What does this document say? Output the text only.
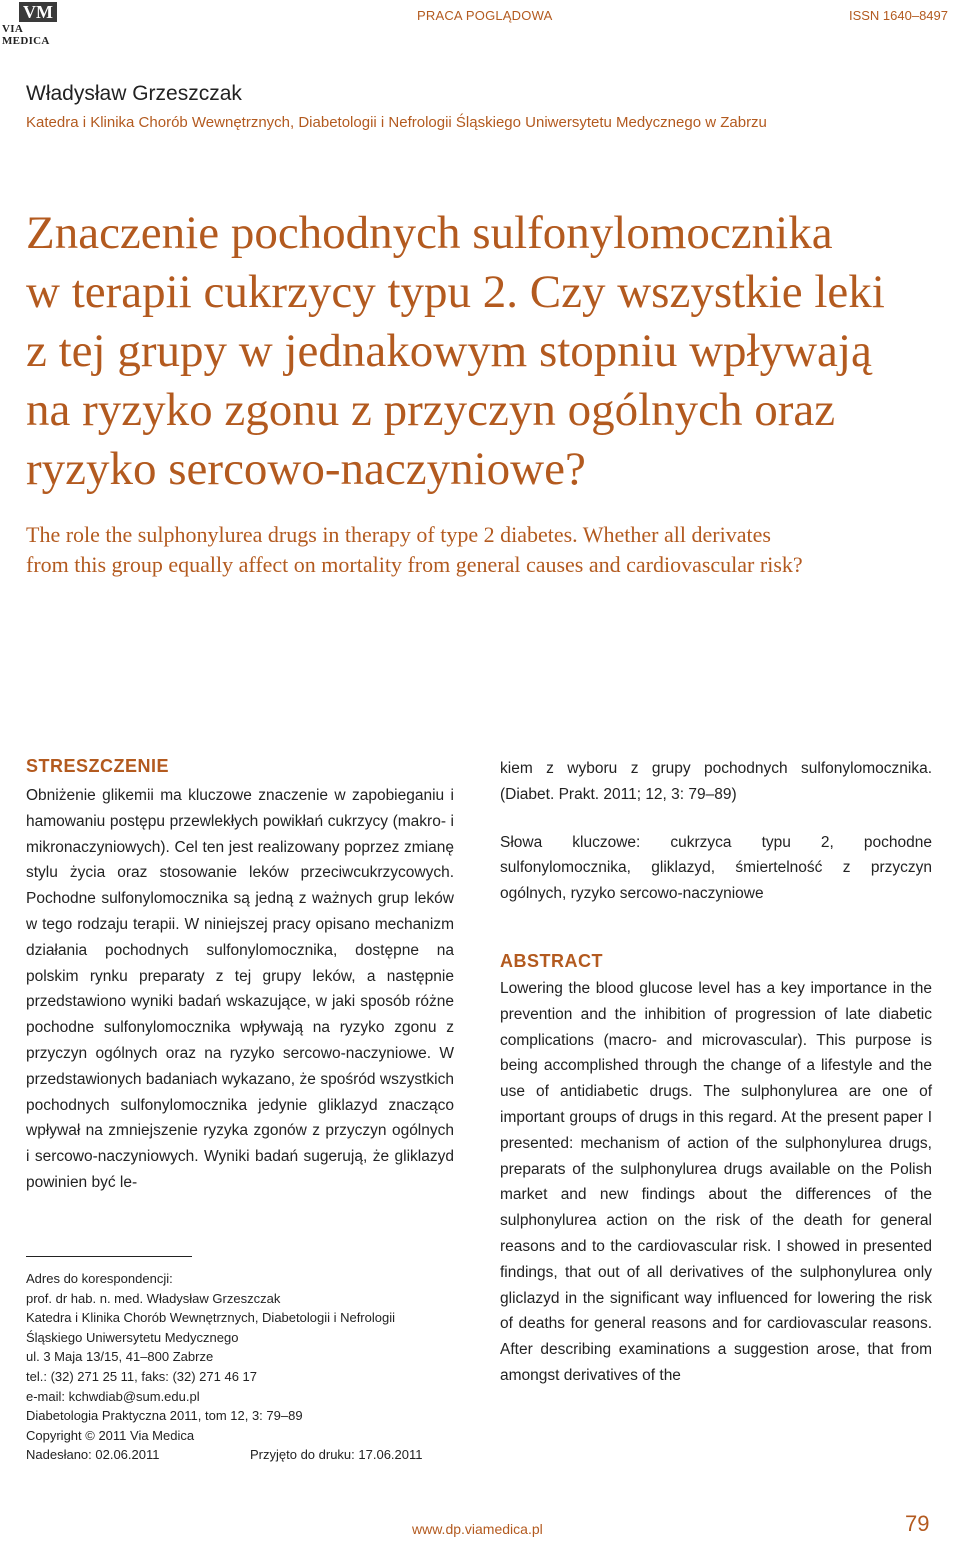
VM
VIA MEDICA
PRACA POGLĄDOWA	ISSN 1640–8497
Władysław Grzeszczak
Katedra i Klinika Chorób Wewnętrznych, Diabetologii i Nefrologii Śląskiego Uniwersytetu Medycznego w Zabrzu
Znaczenie pochodnych sulfonylomocznika
w terapii cukrzycy typu 2. Czy wszystkie leki
z tej grupy w jednakowym stopniu wpływają
na ryzyko zgonu z przyczyn ogólnych oraz
ryzyko sercowo-naczyniowe?
The role the sulphonylurea drugs in therapy of type 2 diabetes. Whether all derivates
from this group equally affect on mortality from general causes and cardiovascular risk?
STRESZCZENIE

Obniżenie glikemii ma kluczowe znaczenie w zapobieganiu i hamowaniu postępu przewlekłych powikłań cukrzycy (makro- i mikronaczyniowych). Cel ten jest realizowany poprzez zmianę stylu życia oraz stosowanie leków przeciwcukrzycowych. Pochodne sulfonylomocznika są jedną z ważnych grup leków w tego rodzaju terapii. W niniejszej pracy opisano mechanizm działania pochodnych sulfonylomocznika, dostępne na polskim rynku preparaty z tej grupy leków, a następnie przedstawiono wyniki badań wskazujące, w jaki sposób różne pochodne sulfonylomocznika wpływają na ryzyko zgonu z przyczyn ogólnych oraz na ryzyko sercowo-naczyniowe. W przedstawionych badaniach wykazano, że spośród wszystkich pochodnych sulfonylomocznika jedynie gliklazyd znacząco wpływał na zmniejszenie ryzyka zgonów z przyczyn ogólnych i sercowo-naczyniowych. Wyniki badań sugerują, że gliklazyd powinien być le-

Adres do korespondencji:
prof. dr hab. n. med. Władysław Grzeszczak
Katedra i Klinika Chorób Wewnętrznych, Diabetologii i Nefrologii
Śląskiego Uniwersytetu Medycznego
ul. 3 Maja 13/15, 41–800 Zabrze
tel.: (32) 271 25 11, faks: (32) 271 46 17
e-mail: kchwdiab@sum.edu.pl
Diabetologia Praktyczna 2011, tom 12, 3: 79–89
Copyright © 2011 Via Medica
Nadesłano: 02.06.2011	Przyjęto do druku: 17.06.2011

kiem z wyboru z grupy pochodnych sulfonylomocznika. (Diabet. Prakt. 2011; 12, 3: 79–89)

Słowa kluczowe: cukrzyca typu 2, pochodne sulfonylomocznika, gliklazyd, śmiertelność z przyczyn ogólnych, ryzyko sercowo-naczyniowe

ABSTRACT

Lowering the blood glucose level has a key importance in the prevention and the inhibition of progression of late diabetic complications (macro- and microvascular). This purpose is being accomplished through the change of a lifestyle and the use of antidiabetic drugs. The sulphonylurea are one of important groups of drugs in this regard. At the present paper I presented: mechanism of action of the sulphonylurea drugs, preparats of the sulphonylurea drugs available on the Polish market and new findings about the differences of the sulphonylurea action on the risk of the death for general reasons and to the cardiovascular risk. I showed in presented findings, that out of all derivatives of the sulphonylurea only gliclazyd in the significant way influenced for lowering the risk of deaths for general reasons and for cardiovascular reasons. After describing examinations a suggestion arose, that from amongst derivatives of the

www.dp.viamedica.pl	79
